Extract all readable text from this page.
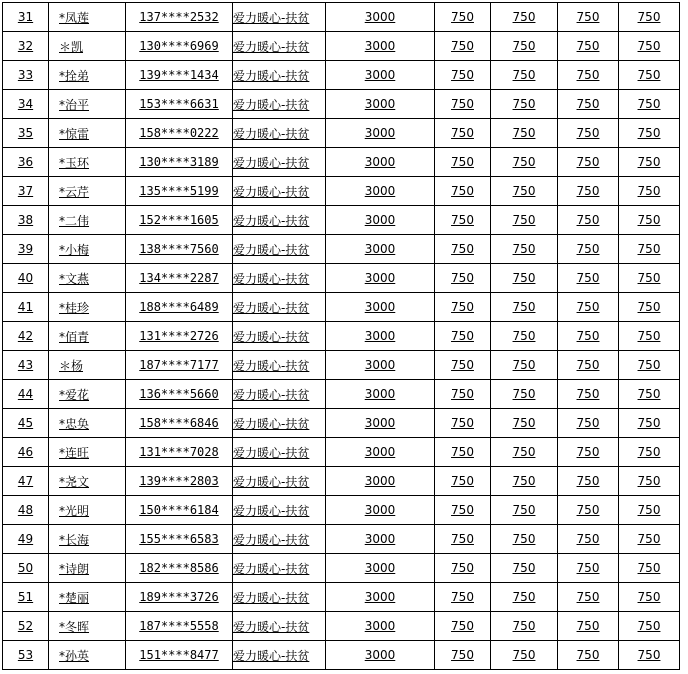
31	*凤莲	137****2532	爱力暖心-扶贫	3000	750	750	750	750
32	＊凯	130****6969	爱力暖心-扶贫	3000	750	750	750	750
33	*拴弟	139****1434	爱力暖心-扶贫	3000	750	750	750	750
34	*治平	153****6631	爱力暖心-扶贫	3000	750	750	750	750
35	*惊雷	158****0222	爱力暖心-扶贫	3000	750	750	750	750
36	*玉环	130****3189	爱力暖心-扶贫	3000	750	750	750	750
37	*云芹	135****5199	爱力暖心-扶贫	3000	750	750	750	750
38	*二伟	152****1605	爱力暖心-扶贫	3000	750	750	750	750
39	*小梅	138****7560	爱力暖心-扶贫	3000	750	750	750	750
40	*文燕	134****2287	爱力暖心-扶贫	3000	750	750	750	750
41	*桂珍	188****6489	爱力暖心-扶贫	3000	750	750	750	750
42	*佰青	131****2726	爱力暖心-扶贫	3000	750	750	750	750
43	＊杨	187****7177	爱力暖心-扶贫	3000	750	750	750	750
44	*爱花	136****5660	爱力暖心-扶贫	3000	750	750	750	750
45	*忠奂	158****6846	爱力暖心-扶贫	3000	750	750	750	750
46	*连旺	131****7028	爱力暖心-扶贫	3000	750	750	750	750
47	*尧文	139****2803	爱力暖心-扶贫	3000	750	750	750	750
48	*光明	150****6184	爱力暖心-扶贫	3000	750	750	750	750
49	*长海	155****6583	爱力暖心-扶贫	3000	750	750	750	750
50	*诗朗	182****8586	爱力暖心-扶贫	3000	750	750	750	750
51	*楚丽	189****3726	爱力暖心-扶贫	3000	750	750	750	750
52	*冬晖	187****5558	爱力暖心-扶贫	3000	750	750	750	750
53	*孙英	151****8477	爱力暖心-扶贫	3000	750	750	750	750
